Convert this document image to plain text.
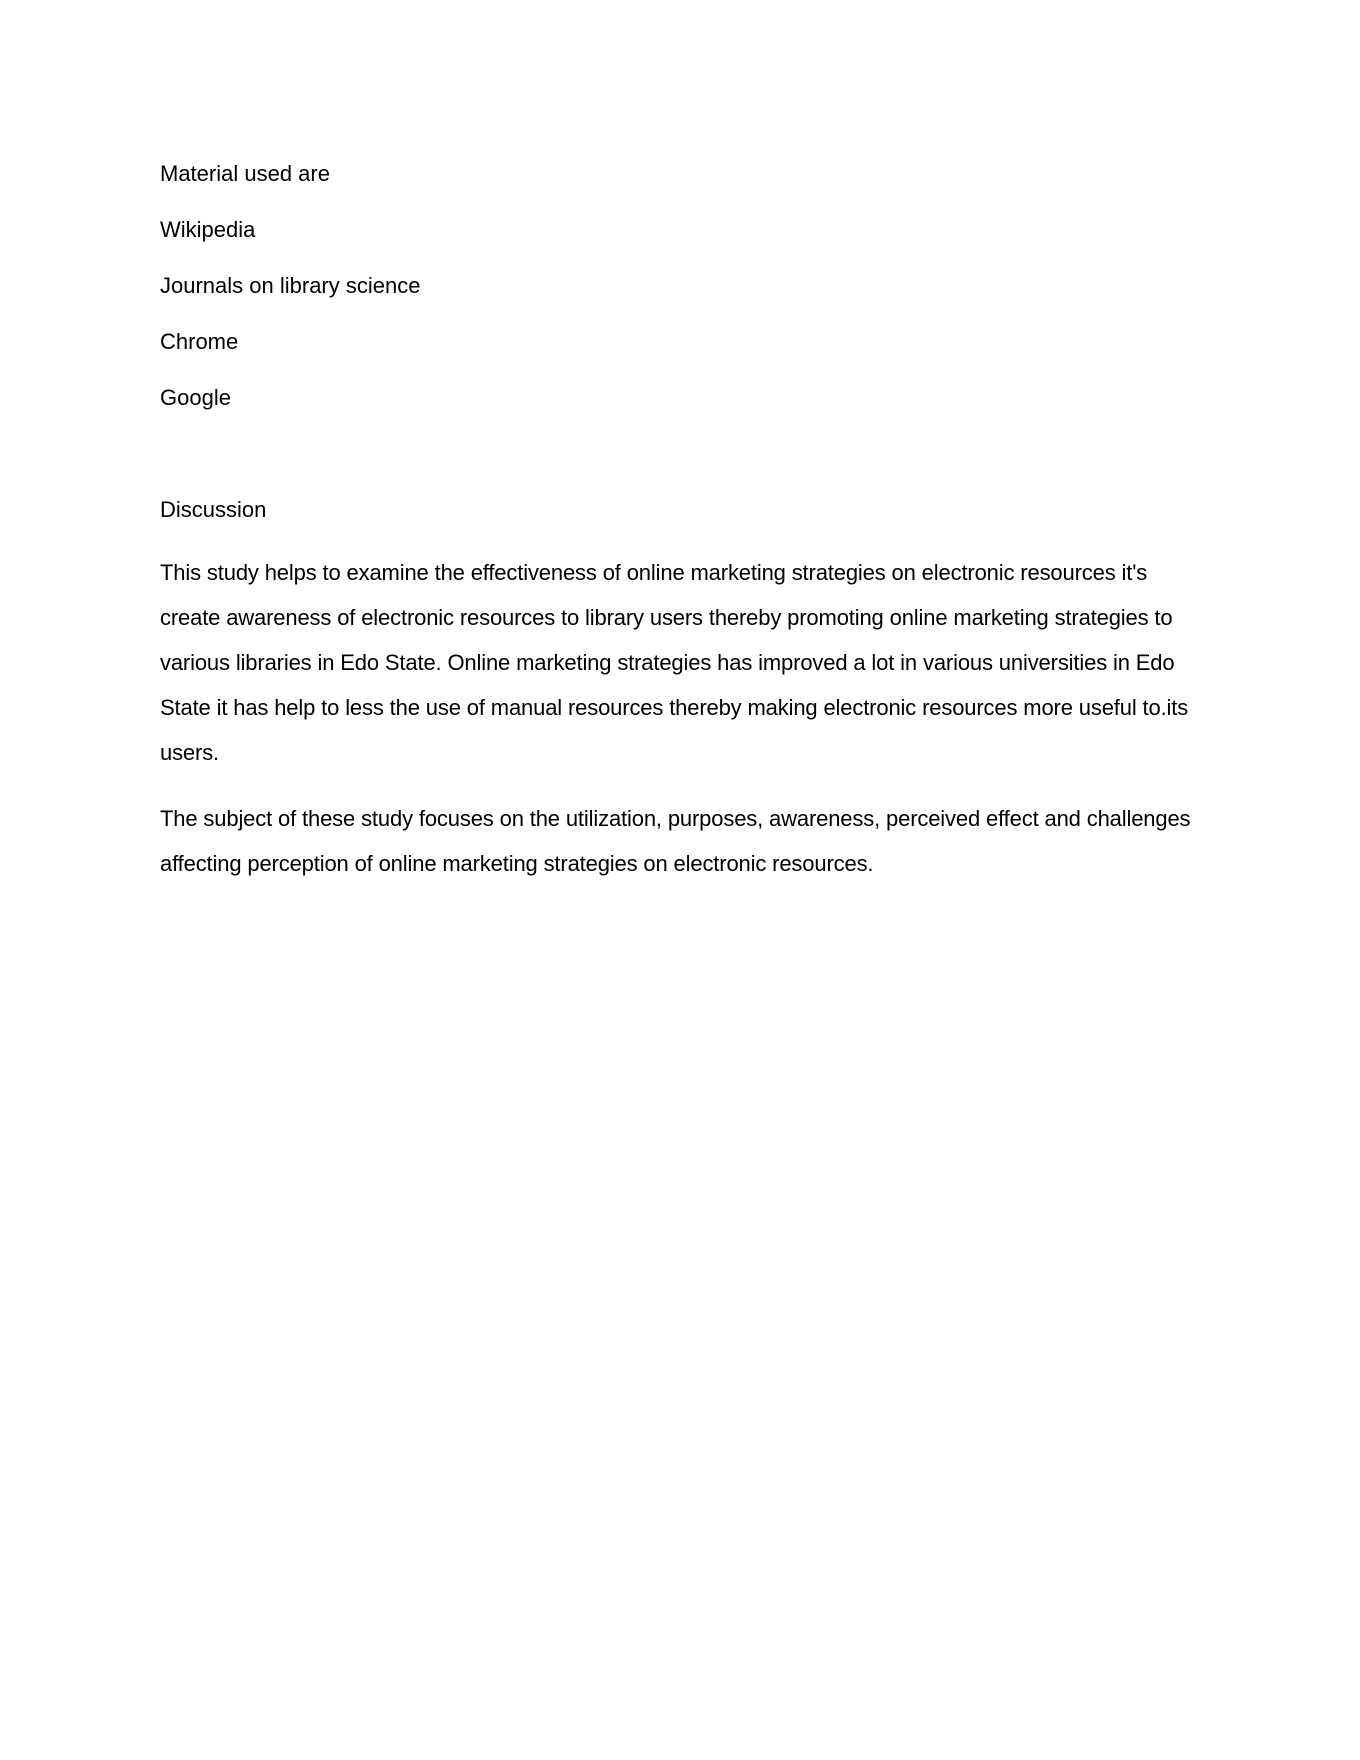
Material used are

Wikipedia

Journals on library science

Chrome

Google

Discussion

This study helps to examine the effectiveness of online marketing strategies on electronic resources it's create awareness of electronic resources to library users thereby promoting online marketing strategies to various libraries in Edo State. Online marketing strategies has improved a lot in various universities in Edo State it has help to less the use of manual resources thereby making electronic resources more useful to.its users.

The subject of these study focuses on the utilization, purposes, awareness, perceived effect and challenges affecting perception of online marketing strategies on electronic resources.
